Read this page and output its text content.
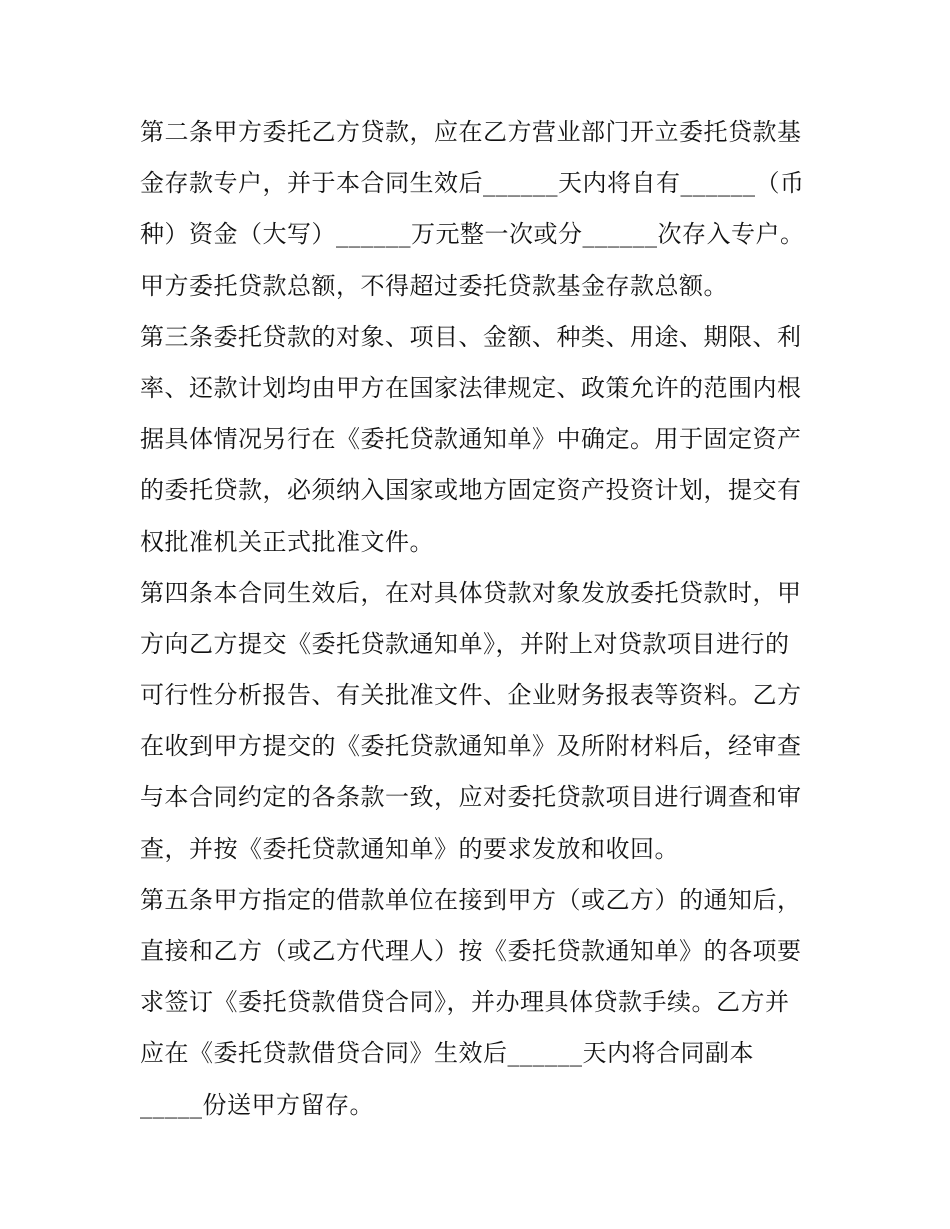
第二条甲方委托乙方贷款，应在乙方营业部门开立委托贷款基
金存款专户，并于本合同生效后______天内将自有______（币
种）资金（大写）______万元整一次或分______次存入专户。
甲方委托贷款总额，不得超过委托贷款基金存款总额。
第三条委托贷款的对象、项目、金额、种类、用途、期限、利
率、还款计划均由甲方在国家法律规定、政策允许的范围内根
据具体情况另行在《委托贷款通知单》中确定。用于固定资产
的委托贷款，必须纳入国家或地方固定资产投资计划，提交有
权批准机关正式批准文件。
第四条本合同生效后，在对具体贷款对象发放委托贷款时，甲
方向乙方提交《委托贷款通知单》，并附上对贷款项目进行的
可行性分析报告、有关批准文件、企业财务报表等资料。乙方
在收到甲方提交的《委托贷款通知单》及所附材料后，经审查
与本合同约定的各条款一致，应对委托贷款项目进行调查和审
查，并按《委托贷款通知单》的要求发放和收回。
第五条甲方指定的借款单位在接到甲方（或乙方）的通知后，
直接和乙方（或乙方代理人）按《委托贷款通知单》的各项要
求签订《委托贷款借贷合同》，并办理具体贷款手续。乙方并
应在《委托贷款借贷合同》生效后______天内将合同副本
_____份送甲方留存。
